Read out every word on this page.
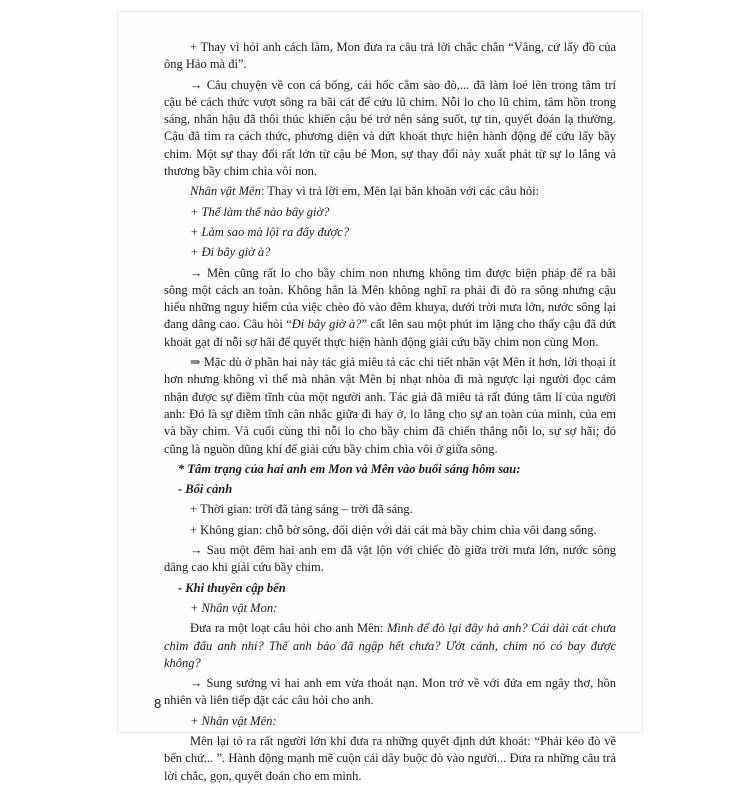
+ Thay vì hỏi anh cách làm, Mon đưa ra câu trả lời chắc chắn “Vâng, cứ lấy đồ của ông Hảo mà đi”.

→ Câu chuyện về con cá bống, cái hốc cắm sào đò,... đã làm loé lên trong tâm trí cậu bé cách thức vượt sông ra bãi cát để cứu lũ chim. Nỗi lo cho lũ chim, tâm hồn trong sáng, nhân hậu đã thôi thúc khiến cậu bé trở nên sáng suốt, tự tin, quyết đoán lạ thường. Cậu đã tìm ra cách thức, phương diện và dứt khoát thực hiện hành động để cứu lấy bầy chim. Một sự thay đổi rất lớn từ cậu bé Mon, sự thay đổi này xuất phát từ sự lo lắng và thương bầy chim chìa vôi non.

Nhân vật Mên: Thay vì trả lời em, Mên lại băn khoăn với các câu hỏi:

+ Thế làm thế nào bây giờ?

+ Làm sao mà lội ra đấy được?

+ Đi bây giờ à?

→ Mên cũng rất lo cho bầy chim non nhưng không tìm được biện pháp để ra bãi sông một cách an toàn. Không hẳn là Mên không nghĩ ra phải đi đò ra sông nhưng cậu hiểu những nguy hiểm của việc chèo đò vào đêm khuya, dưới trời mưa lớn, nước sông lại đang dâng cao. Câu hỏi “Đi bây giờ à?” cất lên sau một phút im lặng cho thấy cậu đã dứt khoát gạt đi nỗi sợ hãi để quyết thực hiện hành động giải cứu bầy chim non cùng Mon.

⇒ Mặc dù ở phần hai này tác giả miêu tả các chi tiết nhân vật Mên ít hơn, lời thoại ít hơn nhưng không vì thế mà nhân vật Mên bị nhạt nhòa đi mà ngược lại người đọc cảm nhận được sự điềm tĩnh của một người anh. Tác giả đã miêu tả rất đúng tâm lí của người anh: Đó là sự điềm tĩnh cân nhắc giữa đi hay ở, lo lắng cho sự an toàn của mình, của em và bầy chim. Và cuối cùng thì nỗi lo cho bầy chim đã chiến thắng nỗi lo, sự sợ hãi; đó cũng là nguồn dũng khí để giải cứu bầy chim chìa vôi ở giữa sông.

* Tâm trạng của hai anh em Mon và Mên vào buổi sáng hôm sau:

- Bối cảnh

+ Thời gian: trời đã tảng sáng – trời đã sáng.

+ Không gian: chỗ bờ sông, đối diện với dải cát mà bầy chim chìa vôi đang sống.

→ Sau một đêm hai anh em đã vật lộn với chiếc đò giữa trời mưa lớn, nước sông dâng cao khi giải cứu bầy chim.

- Khi thuyền cập bến

+ Nhân vật Mon:

Đưa ra một loạt câu hỏi cho anh Mên: Mình để đò lại đây hả anh? Cái dải cát chưa chìm đấu anh nhỉ? Thế anh bảo đã ngập hết chưa? Ướt cánh, chim nó có bay được không?

→ Sung sướng vì hai anh em vừa thoát nạn. Mon trở về với đứa em ngây thơ, hồn nhiên và liên tiếp đặt các câu hỏi cho anh.

+ Nhân vật Mên:

Mên lại tỏ ra rất người lớn khi đưa ra những quyết định dứt khoát: “Phải kéo đò về bến chứ... ”. Hành động mạnh mẽ cuộn cái dây buộc đò vào người... Đưa ra những câu trả lời chắc, gọn, quyết đoán cho em mình.

8
